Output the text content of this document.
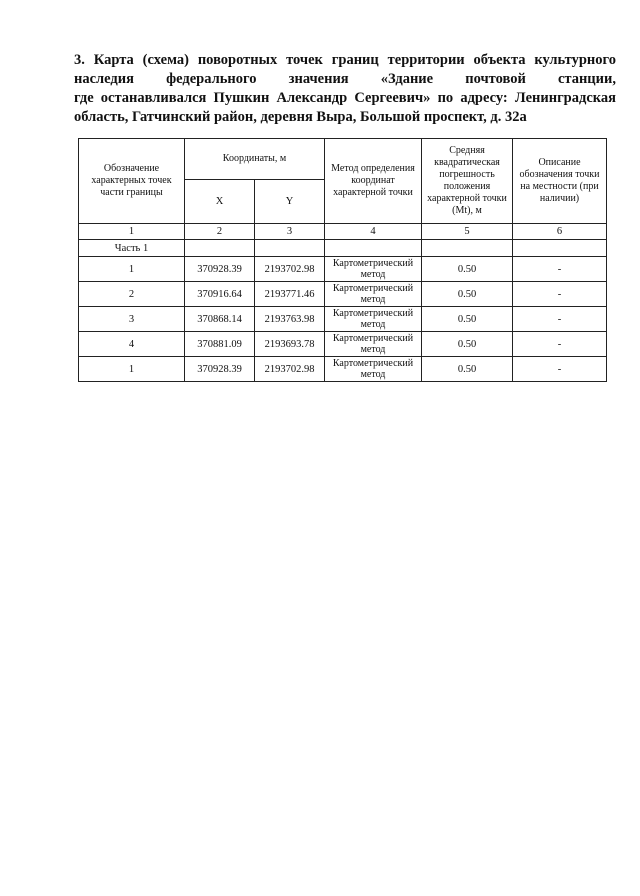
3. Карта (схема) поворотных точек границ территории объекта культурного
наследия федерального значения «Здание почтовой станции,
где останавливался Пушкин Александр Сергеевич» по адресу: Ленинградская
область, Гатчинский район, деревня Выра, Большой проспект, д. 32а
Обозначение характерных точек части границы	Координаты, м		Метод определения координат характерной точки	Средняя квадратическая погрешность положения характерной точки (Mt), м	Описание обозначения точки на местности (при наличии)
	X	Y			
1	2	3	4	5	6
Часть 1					
1	370928.39	2193702.98	Картометрический метод	0.50	-
2	370916.64	2193771.46	Картометрический метод	0.50	-
3	370868.14	2193763.98	Картометрический метод	0.50	-
4	370881.09	2193693.78	Картометрический метод	0.50	-
1	370928.39	2193702.98	Картометрический метод	0.50	-
